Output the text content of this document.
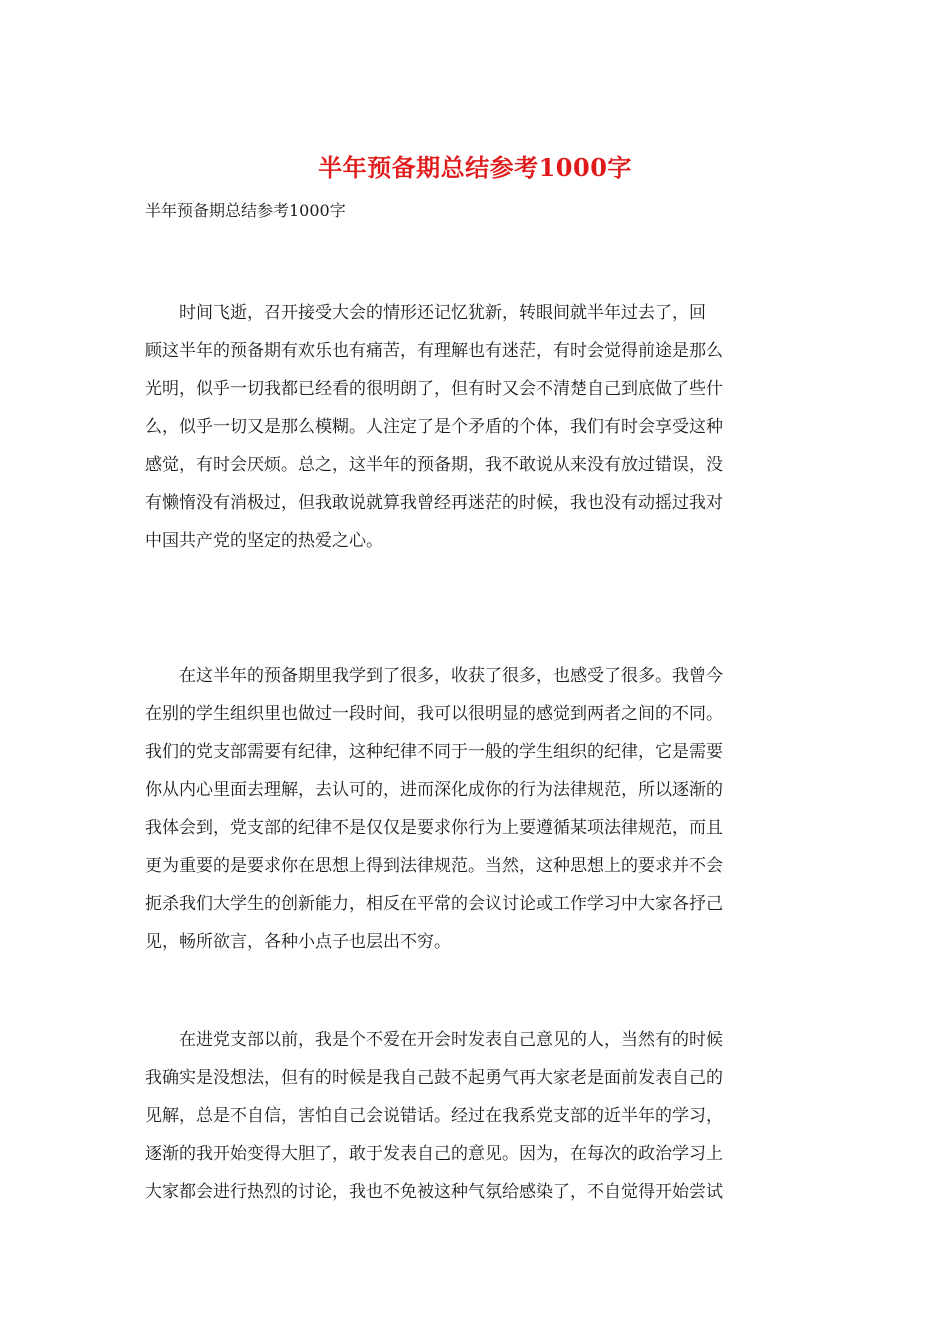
半年预备期总结参考1000字
半年预备期总结参考1000字

　　时间飞逝，召开接受大会的情形还记忆犹新，转眼间就半年过去了，回
顾这半年的预备期有欢乐也有痛苦，有理解也有迷茫，有时会觉得前途是那么
光明，似乎一切我都已经看的很明朗了，但有时又会不清楚自己到底做了些什
么，似乎一切又是那么模糊。人注定了是个矛盾的个体，我们有时会享受这种
感觉，有时会厌烦。总之，这半年的预备期，我不敢说从来没有放过错误，没
有懒惰没有消极过，但我敢说就算我曾经再迷茫的时候，我也没有动摇过我对
中国共产党的坚定的热爱之心。

　　在这半年的预备期里我学到了很多，收获了很多，也感受了很多。我曾今
在别的学生组织里也做过一段时间，我可以很明显的感觉到两者之间的不同。
我们的党支部需要有纪律，这种纪律不同于一般的学生组织的纪律，它是需要
你从内心里面去理解，去认可的，进而深化成你的行为法律规范，所以逐渐的
我体会到，党支部的纪律不是仅仅是要求你行为上要遵循某项法律规范，而且
更为重要的是要求你在思想上得到法律规范。当然，这种思想上的要求并不会
扼杀我们大学生的创新能力，相反在平常的会议讨论或工作学习中大家各抒己
见，畅所欲言，各种小点子也层出不穷。

　　在进党支部以前，我是个不爱在开会时发表自己意见的人，当然有的时候
我确实是没想法，但有的时候是我自己鼓不起勇气再大家老是面前发表自己的
见解，总是不自信，害怕自己会说错话。经过在我系党支部的近半年的学习，
逐渐的我开始变得大胆了，敢于发表自己的意见。因为，在每次的政治学习上
大家都会进行热烈的讨论，我也不免被这种气氛给感染了，不自觉得开始尝试
